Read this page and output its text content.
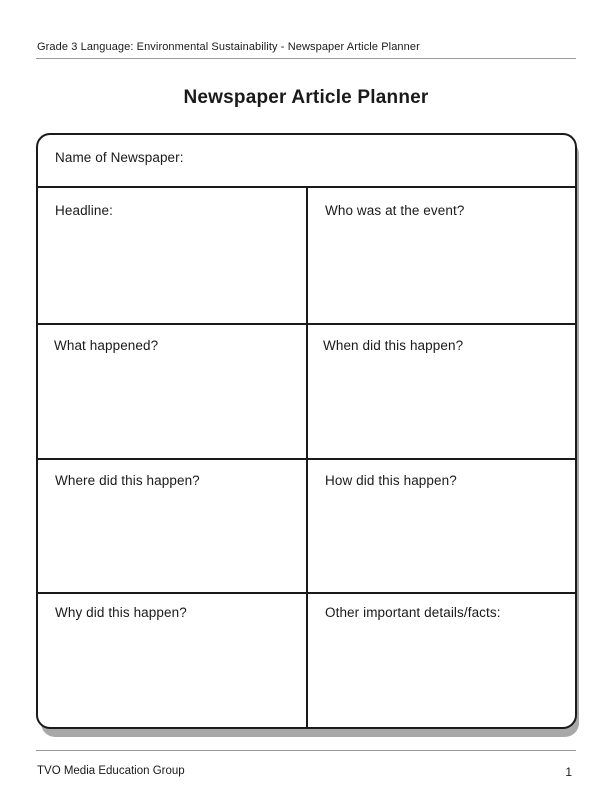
Grade 3 Language: Environmental Sustainability - Newspaper Article Planner
Newspaper Article Planner
Name of Newspaper:
Headline:	Who was at the event?
What happened?	When did this happen?
Where did this happen?	How did this happen?
Why did this happen?	Other important details/facts:
TVO Media Education Group	1
